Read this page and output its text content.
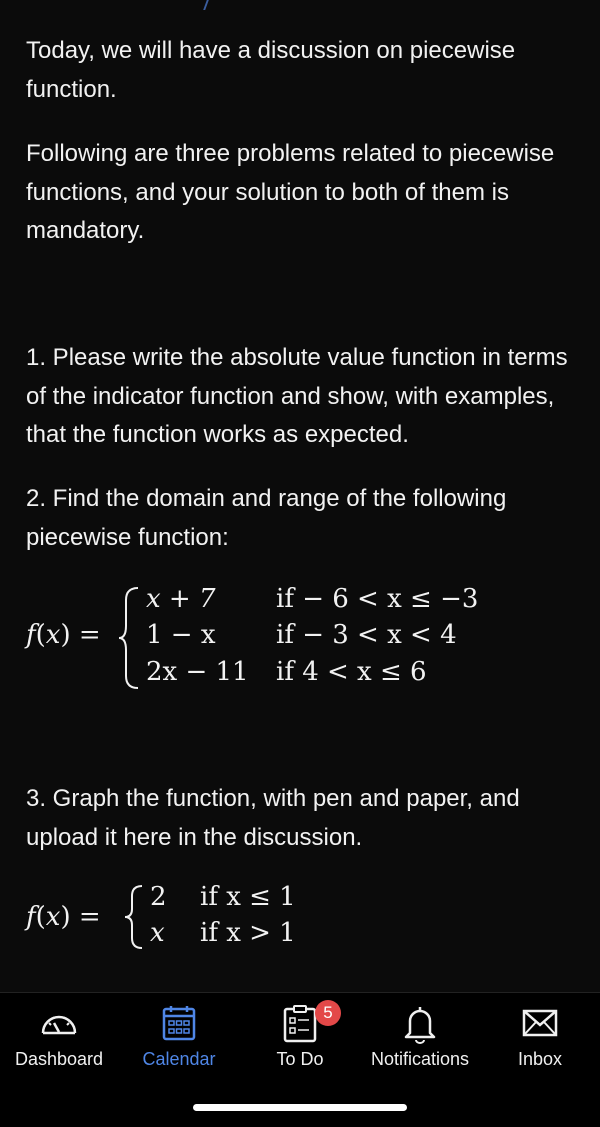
Today, we will have a discussion on piecewise function.

Following are three problems related to piecewise functions, and your solution to both of them is mandatory.

1. Please write the absolute value function in terms of the indicator function and show, with examples, that the function works as expected.

2. Find the domain and range of the following piecewise function:

f(x) =
x + 7 if − 6 < x ≤ −3
1 − x if − 3 < x < 4
2x − 11 if 4 < x ≤ 6

3. Graph the function, with pen and paper, and upload it here in the discussion.

f(x) =
2 if x ≤ 1
x if x > 1
Dashboard	Calendar
5
To Do	Notifications	Inbox
